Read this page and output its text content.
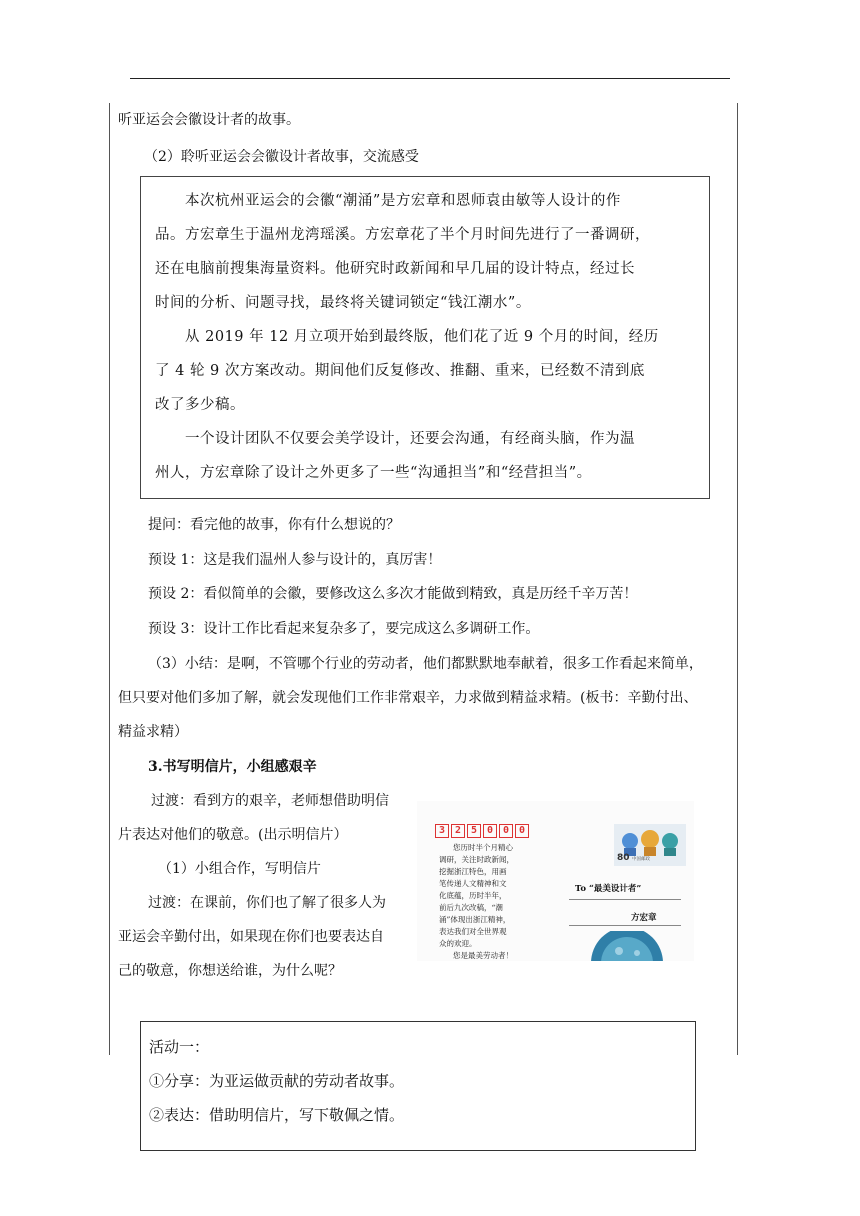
听亚运会会徽设计者的故事。
（2）聆听亚运会会徽设计者故事，交流感受
本次杭州亚运会的会徽“潮涌”是方宏章和恩师袁由敏等人设计的作
品。方宏章生于温州龙湾瑶溪。方宏章花了半个月时间先进行了一番调研，
还在电脑前搜集海量资料。他研究时政新闻和早几届的设计特点，经过长
时间的分析、问题寻找，最终将关键词锁定“钱江潮水”。
从 2019 年 12 月立项开始到最终版，他们花了近 9 个月的时间，经历
了 4 轮 9 次方案改动。期间他们反复修改、推翻、重来，已经数不清到底
改了多少稿。
一个设计团队不仅要会美学设计，还要会沟通，有经商头脑，作为温
州人，方宏章除了设计之外更多了一些“沟通担当”和“经营担当”。
提问：看完他的故事，你有什么想说的？
预设 1：这是我们温州人参与设计的，真厉害！
预设 2：看似简单的会徽，要修改这么多次才能做到精致，真是历经千辛万苦！
预设 3：设计工作比看起来复杂多了，要完成这么多调研工作。
（3）小结：是啊，不管哪个行业的劳动者，他们都默默地奉献着，很多工作看起来简单，
但只要对他们多加了解，就会发现他们工作非常艰辛，力求做到精益求精。(板书：辛勤付出、
精益求精）
3.书写明信片，小组感艰辛
过渡：看到方的艰辛，老师想借助明信
片表达对他们的敬意。(出示明信片）
（1）小组合作，写明信片
过渡：在课前，你们也了解了很多人为
亚运会辛勤付出，如果现在你们也要表达自
己的敬意，你想送给谁，为什么呢？
3 2 5 0 0 0
您历时半个月精心
调研，关注时政新闻，
挖掘浙江特色，用画
笔传递人文精神和文
化底蕴，历时半年，
前后九次改稿，“潮
涌”体现出浙江精神，
表达我们对全世界观
众的欢迎。
您是最美劳动者！
80 中国邮政
To “最美设计者”
方宏章
活动一：
①分享：为亚运做贡献的劳动者故事。
②表达：借助明信片，写下敬佩之情。
